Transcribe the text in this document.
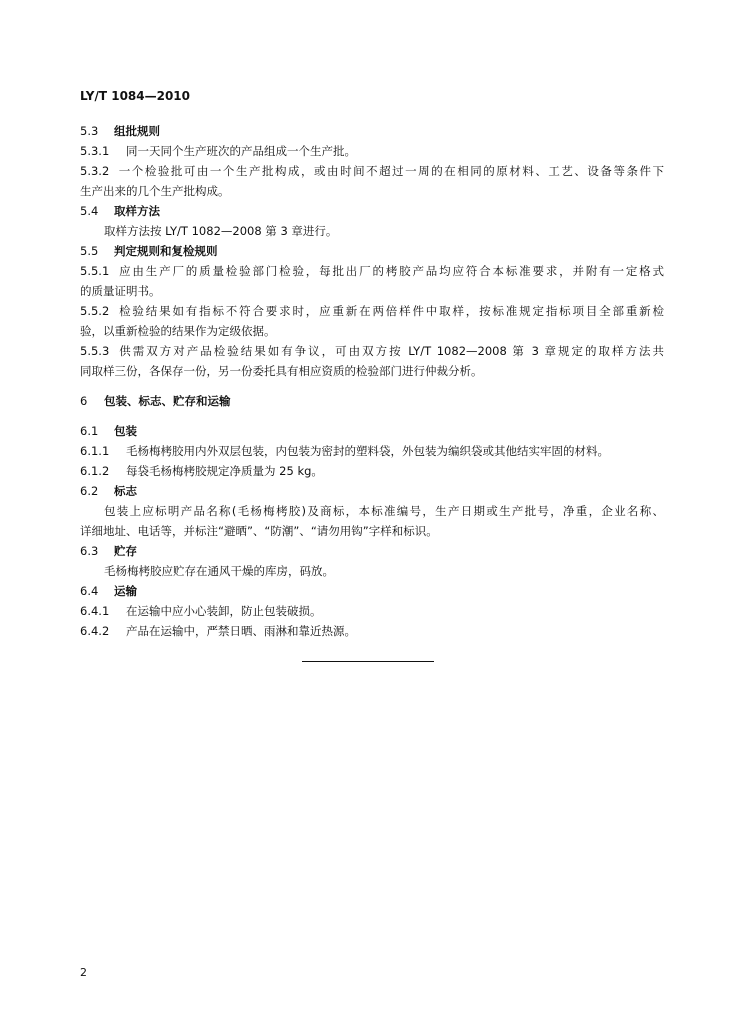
LY/T 1084—2010
5.3 组批规则
5.3.1 同一天同个生产班次的产品组成一个生产批。
5.3.2 一个检验批可由一个生产批构成，或由时间不超过一周的在相同的原材料、工艺、设备等条件下
生产出来的几个生产批构成。
5.4 取样方法
取样方法按 LY/T 1082—2008 第 3 章进行。
5.5 判定规则和复检规则
5.5.1 应由生产厂的质量检验部门检验，每批出厂的栲胶产品均应符合本标准要求，并附有一定格式
的质量证明书。
5.5.2 检验结果如有指标不符合要求时，应重新在两倍样件中取样，按标准规定指标项目全部重新检
验，以重新检验的结果作为定级依据。
5.5.3 供需双方对产品检验结果如有争议，可由双方按 LY/T 1082—2008 第 3 章规定的取样方法共
同取样三份，各保存一份，另一份委托具有相应资质的检验部门进行仲裁分析。
6 包装、标志、贮存和运输
6.1 包装
6.1.1 毛杨梅栲胶用内外双层包装，内包装为密封的塑料袋，外包装为编织袋或其他结实牢固的材料。
6.1.2 每袋毛杨梅栲胶规定净质量为 25 kg。
6.2 标志
包装上应标明产品名称(毛杨梅栲胶)及商标，本标准编号，生产日期或生产批号，净重，企业名称、
详细地址、电话等，并标注“避晒”、“防潮”、“请勿用钩”字样和标识。
6.3 贮存
毛杨梅栲胶应贮存在通风干燥的库房，码放。
6.4 运输
6.4.1 在运输中应小心装卸，防止包装破损。
6.4.2 产品在运输中，严禁日晒、雨淋和靠近热源。
2
